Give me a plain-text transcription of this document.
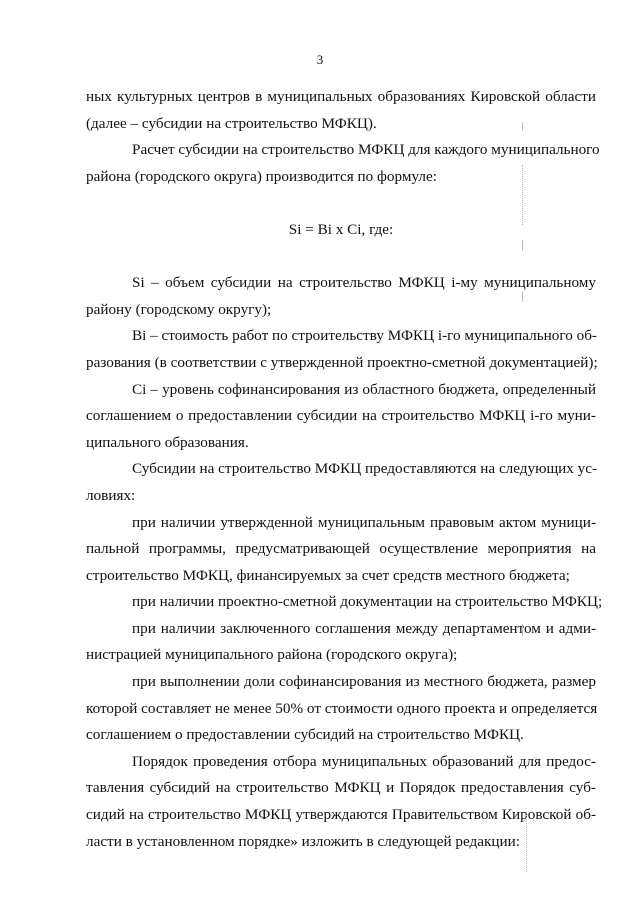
3
ных культурных центров в муниципальных образованиях Кировской области
(далее – субсидии на строительство МФКЦ).
Расчет субсидии на строительство МФКЦ для каждого муниципального
района (городского округа) производится по формуле:
Si = Bi x Ci, где:
Si – объем субсидии на строительство МФКЦ i-му муниципальному
району (городскому округу);
Bi – стоимость работ по строительству МФКЦ i-го муниципального об-
разования (в соответствии с утвержденной проектно-сметной документацией);
Ci – уровень софинансирования из областного бюджета, определенный
соглашением о предоставлении субсидии на строительство МФКЦ i-го муни-
ципального образования.
Субсидии на строительство МФКЦ предоставляются на следующих ус-
ловиях:
при наличии утвержденной муниципальным правовым актом муници-
пальной программы, предусматривающей осуществление мероприятия на
строительство МФКЦ, финансируемых за счет средств местного бюджета;
при наличии проектно-сметной документации на строительство МФКЦ;
при наличии заключенного соглашения между департаментом и адми-
нистрацией муниципального района (городского округа);
при выполнении доли софинансирования из местного бюджета, размер
которой составляет не менее 50% от стоимости одного проекта и определяется
соглашением о предоставлении субсидий на строительство МФКЦ.
Порядок проведения отбора муниципальных образований для предос-
тавления субсидий на строительство МФКЦ и Порядок предоставления суб-
сидий на строительство МФКЦ утверждаются Правительством Кировской об-
ласти в установленном порядке» изложить в следующей редакции:
